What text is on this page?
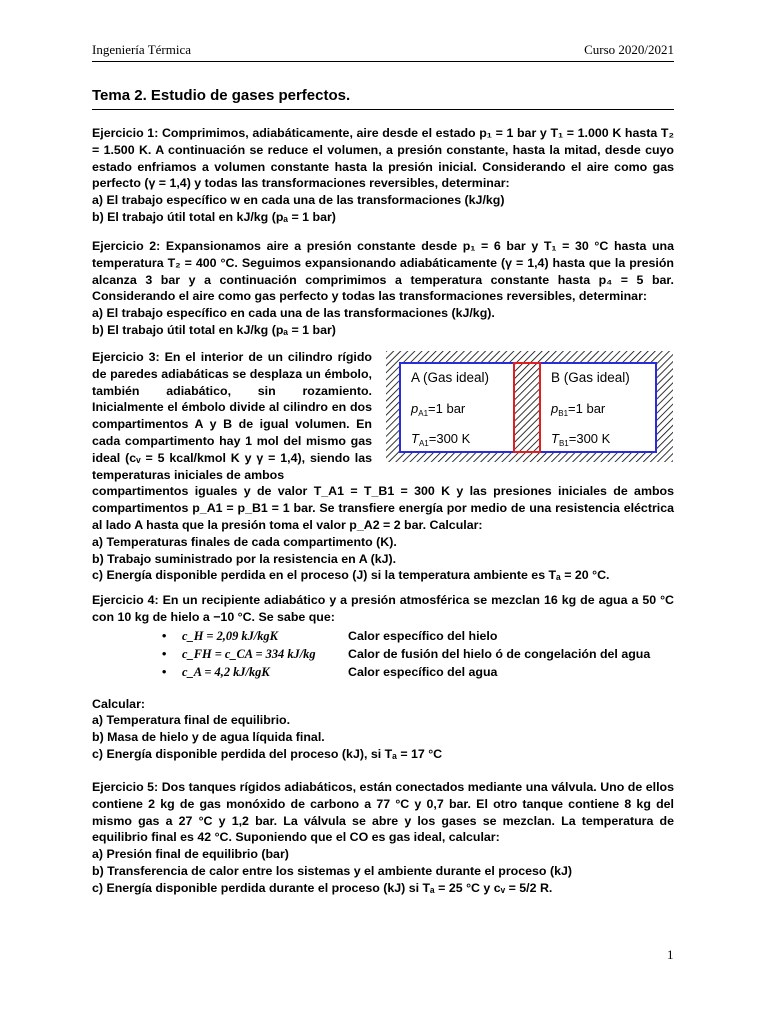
Ingeniería Térmica	Curso 2020/2021
Tema 2. Estudio de gases perfectos.

Ejercicio 1: Comprimimos, adiabáticamente, aire desde el estado p₁ = 1 bar y T₁ = 1.000 K hasta T₂ = 1.500 K. A continuación se reduce el volumen, a presión constante, hasta la mitad, desde cuyo estado enfriamos a volumen constante hasta la presión inicial. Considerando el aire como gas perfecto (γ = 1,4) y todas las transformaciones reversibles, determinar:

a) El trabajo específico w en cada una de las transformaciones (kJ/kg)

b) El trabajo útil total en kJ/kg (pₐ = 1 bar)

Ejercicio 2: Expansionamos aire a presión constante desde p₁ = 6 bar y T₁ = 30 °C hasta una temperatura T₂ = 400 °C. Seguimos expansionando adiabáticamente (γ = 1,4) hasta que la presión alcanza 3 bar y a continuación comprimimos a temperatura constante hasta p₄ = 5 bar. Considerando el aire como gas perfecto y todas las transformaciones reversibles, determinar:

a) El trabajo específico en cada una de las transformaciones (kJ/kg).

b) El trabajo útil total en kJ/kg (pₐ = 1 bar)

Ejercicio 3: En el interior de un cilindro rígido de paredes adiabáticas se desplaza un émbolo, también adiabático, sin rozamiento. Inicialmente el émbolo divide al cilindro en dos compartimentos A y B de igual volumen. En cada compartimento hay 1 mol del mismo gas ideal (cᵥ = 5 kcal/kmol K y γ = 1,4), siendo las temperaturas iniciales de ambos

compartimentos iguales y de valor T_A1 = T_B1 = 300 K y las presiones iniciales de ambos compartimentos p_A1 = p_B1 = 1 bar. Se transfiere energía por medio de una resistencia eléctrica al lado A hasta que la presión toma el valor p_A2 = 2 bar. Calcular:

a) Temperaturas finales de cada compartimento (K).

b) Trabajo suministrado por la resistencia en A (kJ).

c) Energía disponible perdida en el proceso (J) si la temperatura ambiente es Tₐ = 20 °C.

A (Gas ideal)
$p_{A1}=1$ bar
$T_{A1}=300$ K
B (Gas ideal)
$p_{B1}=1$ bar
$T_{B1}=300$ K

Ejercicio 4: En un recipiente adiabático y a presión atmosférica se mezclan 16 kg de agua a 50 °C con 10 kg de hielo a −10 °C. Se sabe que:

• c_H = 2,09 kJ/kgK	Calor específico del hielo
• c_FH = c_CA = 334 kJ/kg	Calor de fusión del hielo ó de congelación del agua
• c_A = 4,2 kJ/kgK	Calor específico del agua

Calcular:

a) Temperatura final de equilibrio.

b) Masa de hielo y de agua líquida final.

c) Energía disponible perdida del proceso (kJ), si Tₐ = 17 °C

Ejercicio 5: Dos tanques rígidos adiabáticos, están conectados mediante una válvula. Uno de ellos contiene 2 kg de gas monóxido de carbono a 77 °C y 0,7 bar. El otro tanque contiene 8 kg del mismo gas a 27 °C y 1,2 bar. La válvula se abre y los gases se mezclan. La temperatura de equilibrio final es 42 °C. Suponiendo que el CO es gas ideal, calcular:

a) Presión final de equilibrio (bar)

b) Transferencia de calor entre los sistemas y el ambiente durante el proceso (kJ)

c) Energía disponible perdida durante el proceso (kJ) si Tₐ = 25 °C y cᵥ = 5/2 R.

1
